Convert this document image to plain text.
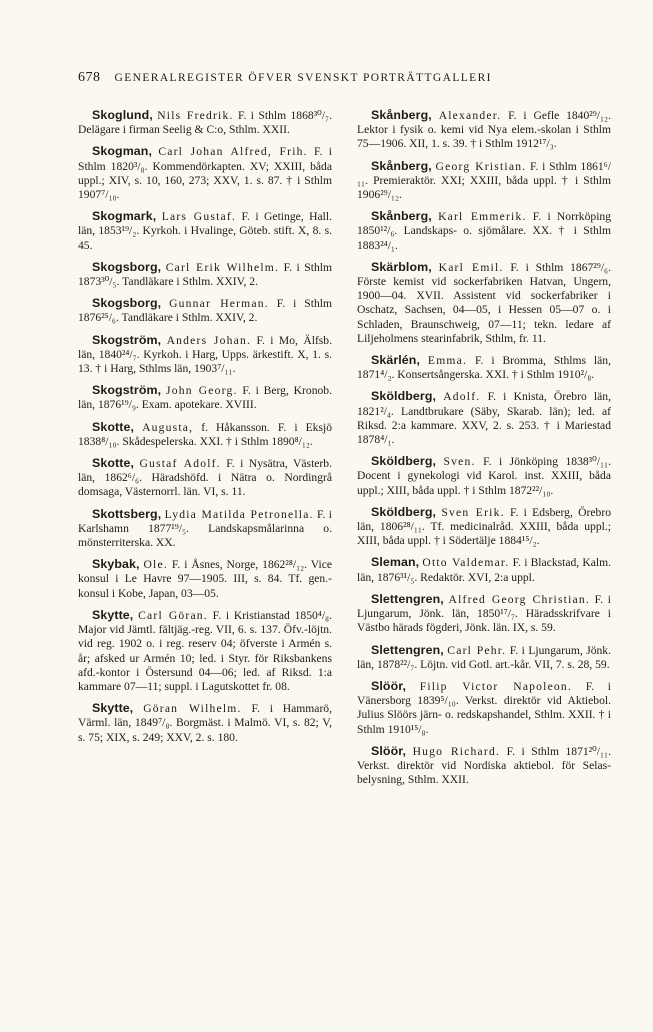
678 GENERALREGISTER ÖFVER SVENSKT PORTRÄTTGALLERI

Skoglund, Nils Fredrik. F. i Sthlm 1868³⁰/₇. Delägare i firman Seelig & C:o, Sthlm. XXII.

Skogman, Carl Johan Alfred, Frih. F. i Sthlm 1820³/₈. Kommendörkapten. XV; XXIII, båda uppl.; XIV, s. 10, 160, 273; XXV, 1. s. 87. † i Sthlm 1907⁷/₁₀.

Skogmark, Lars Gustaf. F. i Getinge, Hall. län, 1853¹⁹/₂. Kyrkoh. i Hvalinge, Göteb. stift. X, 8. s. 45.

Skogsborg, Carl Erik Wilhelm. F. i Sthlm 1873³⁰/₅. Tandläkare i Sthlm. XXIV, 2.

Skogsborg, Gunnar Herman. F. i Sthlm 1876²⁵/₆. Tandläkare i Sthlm. XXIV, 2.

Skogström, Anders Johan. F. i Mo, Älfsb. län, 1840²⁴/₇. Kyrkoh. i Harg, Upps. ärkestift. X, 1. s. 13. † i Harg, Sthlms län, 1903⁷/₁₁.

Skogström, John Georg. F. i Berg, Kronob. län, 1876¹⁹/₉. Exam. apotekare. XVIII.

Skotte, Augusta, f. Håkansson. F. i Eksjö 1838⁸/₁₀. Skådespelerska. XXI. † i Sthlm 1890⁸/₁₂.

Skotte, Gustaf Adolf. F. i Nysätra, Västerb. län, 1862⁶/₆. Häradshöfd. i Nätra o. Nordingrå domsaga, Västernorrl. län. VI, s. 11.

Skottsberg, Lydia Matilda Petronella. F. i Karlshamn 1877¹⁹/₅. Landskapsmålarinna o. mönsterriterska. XX.

Skybak, Ole. F. i Åsnes, Norge, 1862²⁸/₁₂. Vice konsul i Le Havre 97—1905. III, s. 84. Tf. gen.-konsul i Kobe, Japan, 03—05.

Skytte, Carl Göran. F. i Kristianstad 1850⁴/₈. Major vid Jämtl. fältjäg.-reg. VII, 6. s. 137. Öfv.-löjtn. vid reg. 1902 o. i reg. reserv 04; öfverste i Armén s. år; afsked ur Armén 10; led. i Styr. för Riksbankens afd.-kontor i Östersund 04—06; led. af Riksd. 1:a kammare 07—11; suppl. i Lagutskottet fr. 08.

Skytte, Göran Wilhelm. F. i Hammarö, Värml. län, 1849⁷/₈. Borgmäst. i Malmö. VI, s. 82; V, s. 75; XIX, s. 249; XXV, 2. s. 180.

Skånberg, Alexander. F. i Gefle 1840²⁹/₁₂. Lektor i fysik o. kemi vid Nya elem.-skolan i Sthlm 75—1906. XII, 1. s. 39. † i Sthlm 1912¹⁷/₃.

Skånberg, Georg Kristian. F. i Sthlm 1861⁶/₁₁. Premieraktör. XXI; XXIII, båda uppl. † i Sthlm 1906²⁹/₁₂.

Skånberg, Karl Emmerik. F. i Norrköping 1850¹²/₆. Landskaps- o. sjömålare. XX. † i Sthlm 1883²⁴/₁.

Skärblom, Karl Emil. F. i Sthlm 1867²⁹/₆. Förste kemist vid sockerfabriken Hatvan, Ungern, 1900—04. XVII. Assistent vid sockerfabriker i Oschatz, Sachsen, 04—05, i Hessen 05—07 o. i Schladen, Braunschweig, 07—11; tekn. ledare af Liljeholmens stearinfabrik, Sthlm, fr. 11.

Skärlén, Emma. F. i Bromma, Sthlms län, 1871⁴/₂. Konsertsångerska. XXI. † i Sthlm 1910²/₈.

Sköldberg, Adolf. F. i Knista, Örebro län, 1821²/₄. Landtbrukare (Säby, Skarab. län); led. af Riksd. 2:a kammare. XXV, 2. s. 253. † i Mariestad 1878⁴/₁.

Sköldberg, Sven. F. i Jönköping 1838³⁰/₁₁. Docent i gynekologi vid Karol. inst. XXIII, båda uppl.; XIII, båda uppl. † i Sthlm 1872²²/₁₀.

Sköldberg, Sven Erik. F. i Edsberg, Örebro län, 1806²⁸/₁₁. Tf. medicinalråd. XXIII, båda uppl.; XIII, båda uppl. † i Södertälje 1884¹⁵/₂.

Sleman, Otto Valdemar. F. i Blackstad, Kalm. län, 1876³¹/₅. Redaktör. XVI, 2:a uppl.

Slettengren, Alfred Georg Christian. F. i Ljungarum, Jönk. län, 1850¹⁷/₇. Häradsskrifvare i Västbo härads fögderi, Jönk. län. IX, s. 59.

Slettengren, Carl Pehr. F. i Ljungarum, Jönk. län, 1878²²/₇. Löjtn. vid Gotl. art.-kår. VII, 7. s. 28, 59.

Slöör, Filip Victor Napoleon. F. i Vänersborg 1839⁵/₁₀. Verkst. direktör vid Aktiebol. Julius Slöörs järn- o. redskapshandel, Sthlm. XXII. † i Sthlm 1910¹⁵/₈.

Slöör, Hugo Richard. F. i Sthlm 1871²⁰/₁₁. Verkst. direktör vid Nordiska aktiebol. för Selas-belysning, Sthlm. XXII.
